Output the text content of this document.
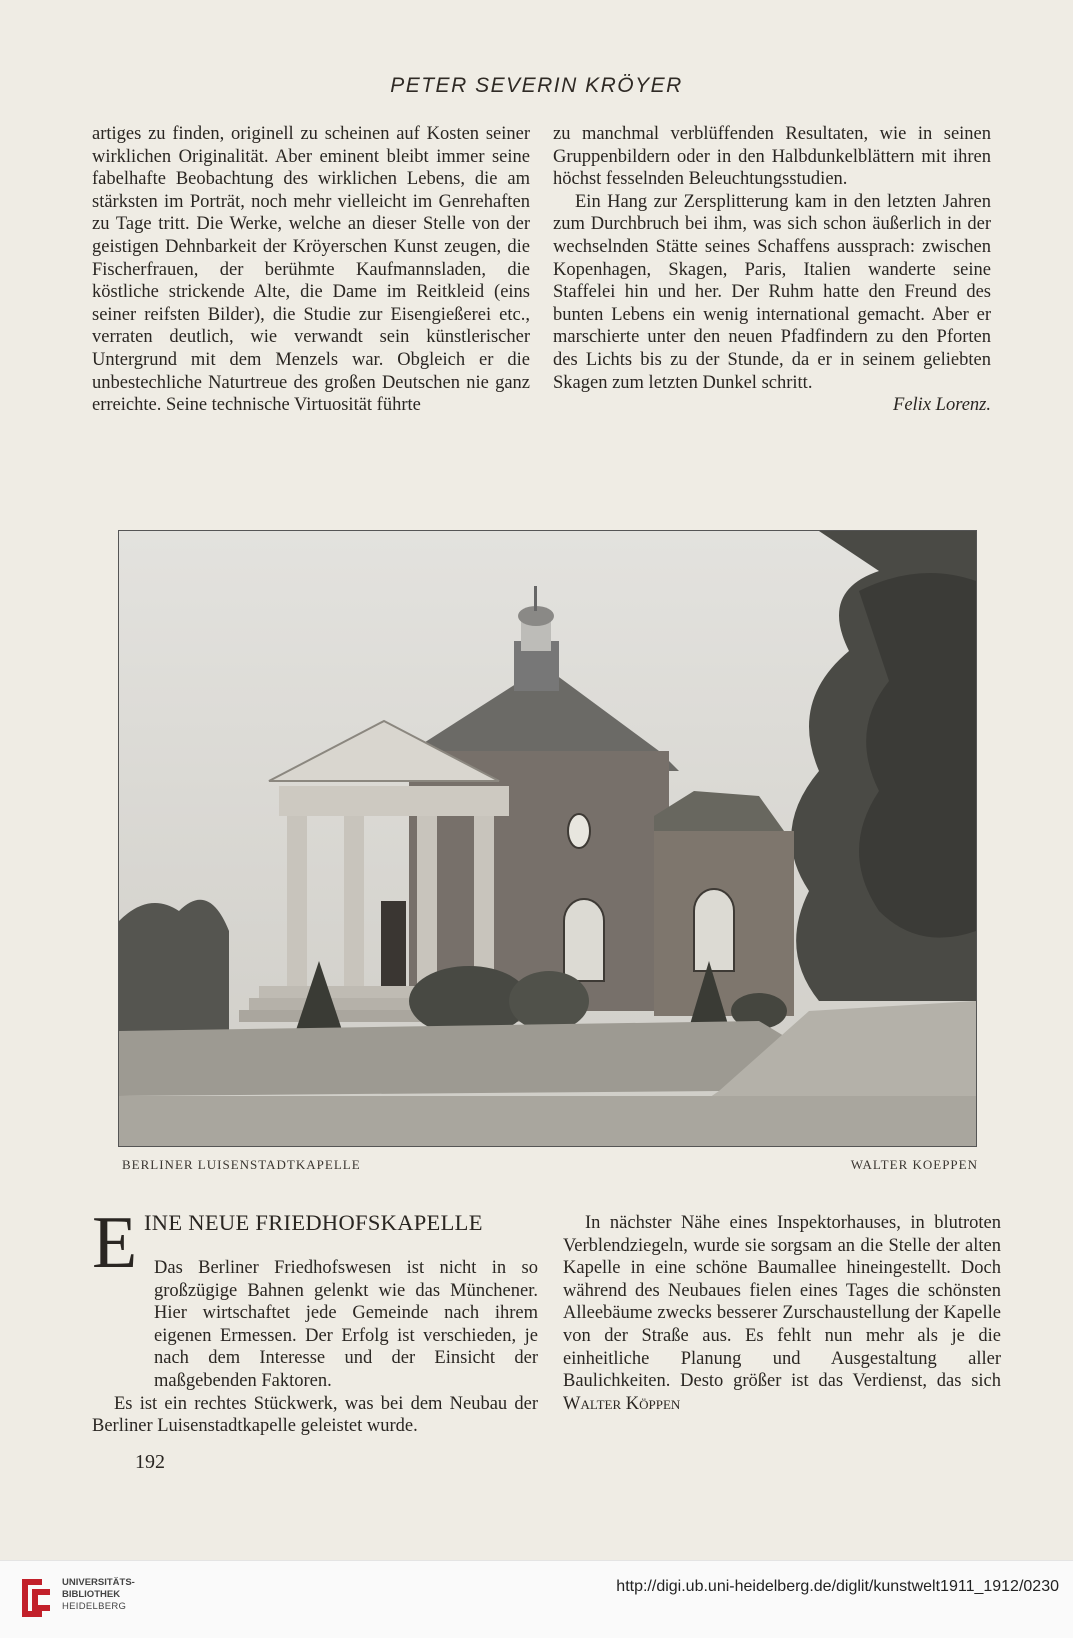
PETER SEVERIN KRÖYER

artiges zu finden, originell zu scheinen auf Kosten seiner wirklichen Originalität. Aber eminent bleibt immer seine fabelhafte Beobachtung des wirklichen Lebens, die am stärksten im Porträt, noch mehr vielleicht im Genrehaften zu Tage tritt. Die Werke, welche an dieser Stelle von der geistigen Dehnbarkeit der Kröyerschen Kunst zeugen, die Fischerfrauen, der berühmte Kaufmannsladen, die köstliche strickende Alte, die Dame im Reitkleid (eins seiner reifsten Bilder), die Studie zur Eisengießerei etc., verraten deutlich, wie verwandt sein künstlerischer Untergrund mit dem Menzels war. Obgleich er die unbestechliche Naturtreue des großen Deutschen nie ganz erreichte. Seine technische Virtuosität führte

zu manchmal verblüffenden Resultaten, wie in seinen Gruppenbildern oder in den Halbdunkelblättern mit ihren höchst fesselnden Beleuchtungsstudien.

Ein Hang zur Zersplitterung kam in den letzten Jahren zum Durchbruch bei ihm, was sich schon äußerlich in der wechselnden Stätte seines Schaffens aussprach: zwischen Kopenhagen, Skagen, Paris, Italien wanderte seine Staffelei hin und her. Der Ruhm hatte den Freund des bunten Lebens ein wenig international gemacht. Aber er marschierte unter den neuen Pfadfindern zu den Pforten des Lichts bis zu der Stunde, da er in seinem geliebten Skagen zum letzten Dunkel schritt.

Felix Lorenz.

BERLINER LUISENSTADTKAPELLE	WALTER KOEPPEN
E INE NEUE FRIEDHOFSKAPELLE

Das Berliner Friedhofswesen ist nicht in so großzügige Bahnen gelenkt wie das Münchener. Hier wirtschaftet jede Gemeinde nach ihrem eigenen Ermessen. Der Erfolg ist verschieden, je nach dem Interesse und der Einsicht der maßgebenden Faktoren.

Es ist ein rechtes Stückwerk, was bei dem Neubau der Berliner Luisenstadtkapelle geleistet wurde.

In nächster Nähe eines Inspektorhauses, in blutroten Verblendziegeln, wurde sie sorgsam an die Stelle der alten Kapelle in eine schöne Baumallee hineingestellt. Doch während des Neubaues fielen eines Tages die schönsten Alleebäume zwecks besserer Zurschaustellung der Kapelle von der Straße aus. Es fehlt nun mehr als je die einheitliche Planung und Ausgestaltung aller Baulichkeiten. Desto größer ist das Verdienst, das sich Walter Köppen

192
UNIVERSITÄTS-
BIBLIOTHEK
HEIDELBERG
http://digi.ub.uni-heidelberg.de/diglit/kunstwelt1911_1912/0230
